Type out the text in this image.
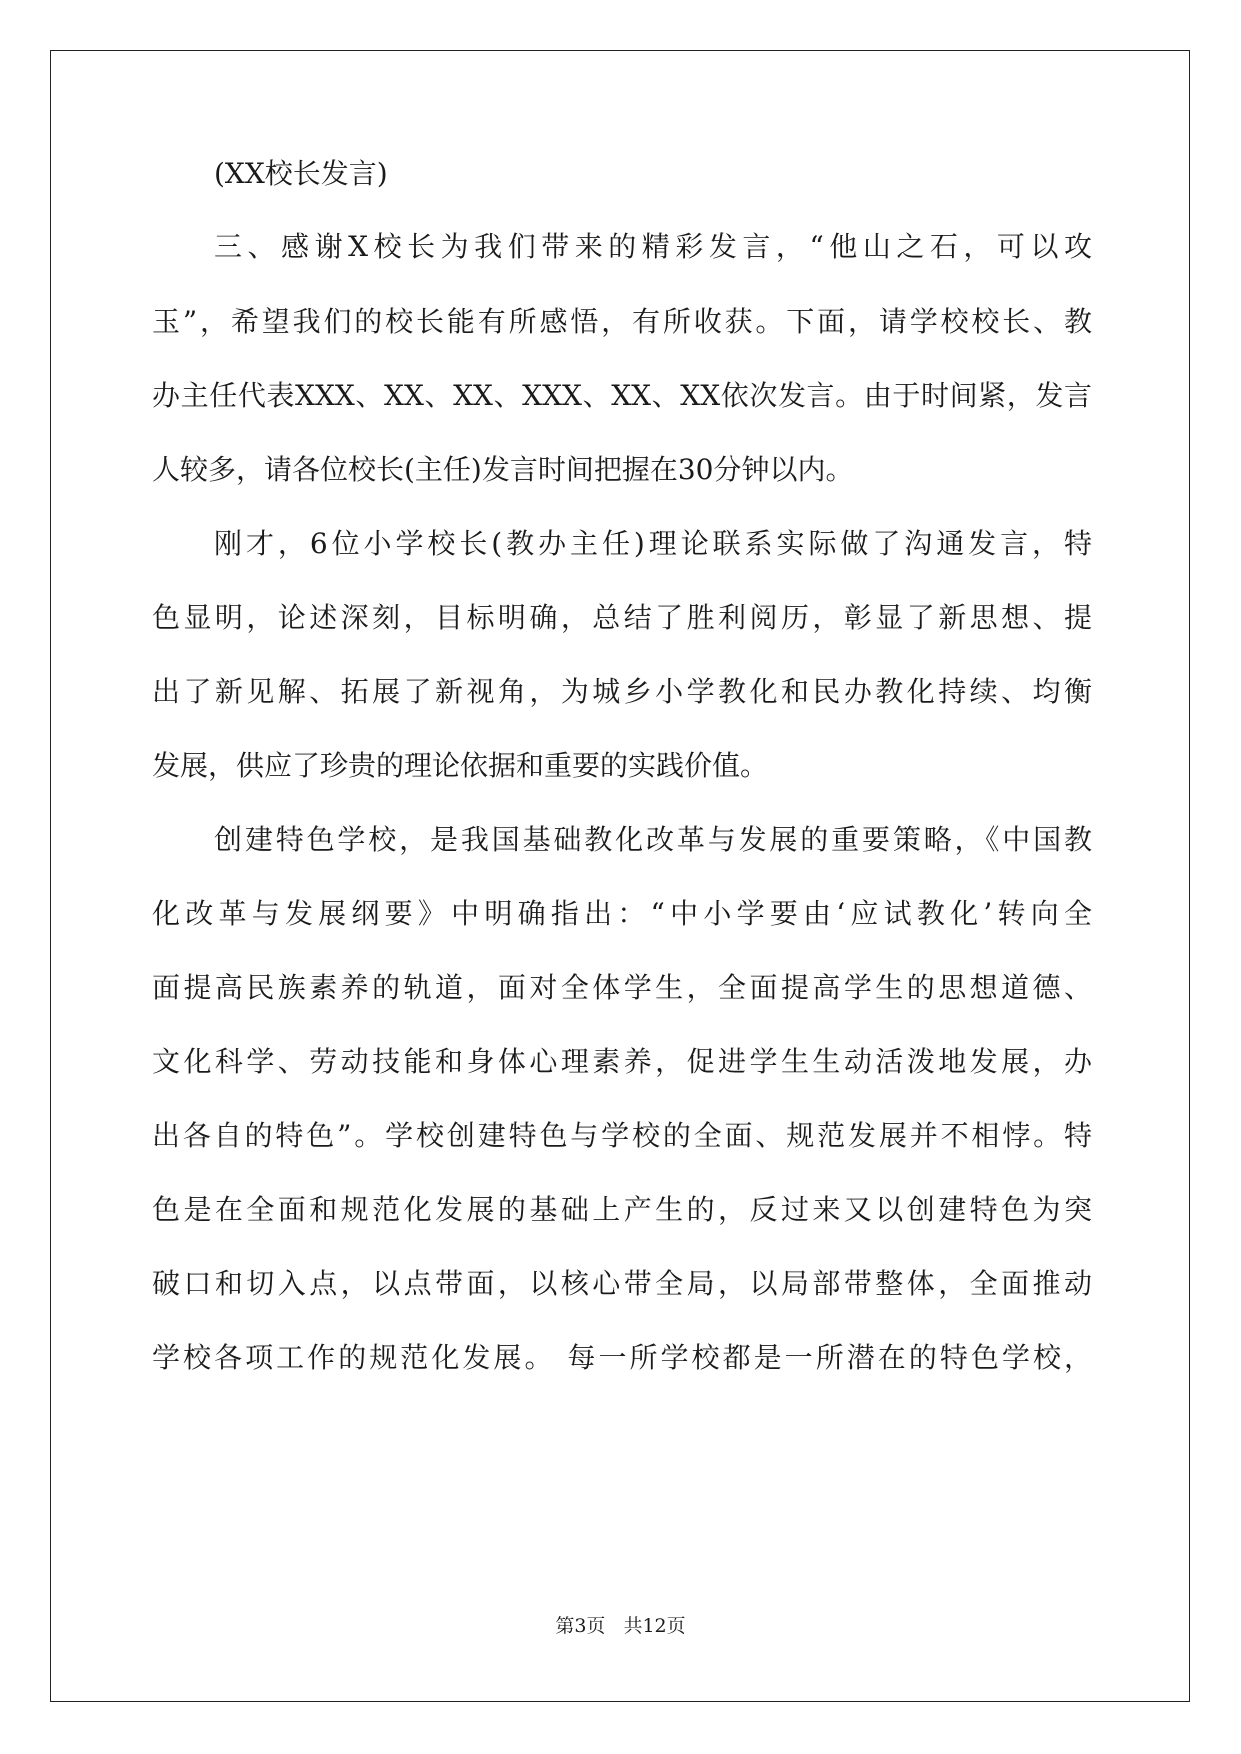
(XX校长发言)
三、感谢X校长为我们带来的精彩发言，“他山之石，可以攻
玉”，希望我们的校长能有所感悟，有所收获。下面，请学校校长、教
办主任代表XXX、XX、XX、XXX、XX、XX依次发言。由于时间紧，发言
人较多，请各位校长(主任)发言时间把握在30分钟以内。
刚才，6位小学校长(教办主任)理论联系实际做了沟通发言，特
色显明，论述深刻，目标明确，总结了胜利阅历，彰显了新思想、提
出了新见解、拓展了新视角，为城乡小学教化和民办教化持续、均衡
发展，供应了珍贵的理论依据和重要的实践价值。
创建特色学校，是我国基础教化改革与发展的重要策略，《中国教
化改革与发展纲要》中明确指出：“中小学要由‘应试教化’转向全
面提高民族素养的轨道，面对全体学生，全面提高学生的思想道德、
文化科学、劳动技能和身体心理素养，促进学生生动活泼地发展，办
出各自的特色”。学校创建特色与学校的全面、规范发展并不相悖。特
色是在全面和规范化发展的基础上产生的，反过来又以创建特色为突
破口和切入点，以点带面，以核心带全局，以局部带整体，全面推动
学校各项工作的规范化发展。 每一所学校都是一所潜在的特色学校，
第3页 共12页
